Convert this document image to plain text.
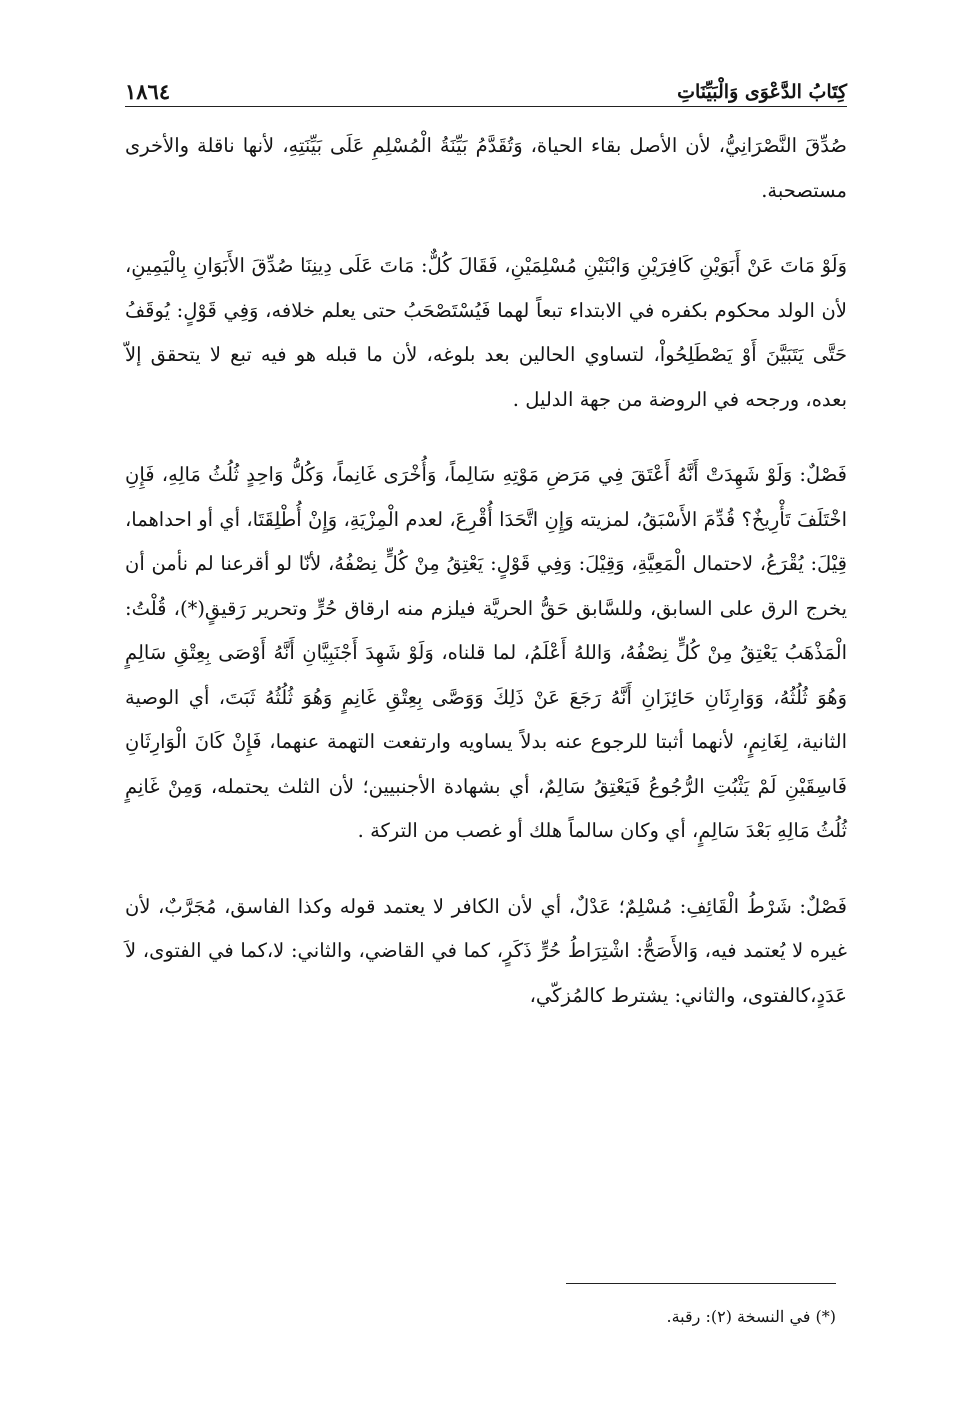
كِتَابُ الدَّعْوَى وَالْبَيِّنَاتِ
١٨٦٤

صُدِّقَ النَّصْرَانِيُّ، لأن الأصل بقاء الحياة، وَتُقَدَّمُ بَيِّنَةُ الْمُسْلِمِ عَلَى بَيِّنَتِهِ، لأنها ناقلة والأخرى مستصحبة.

وَلَوْ مَاتَ عَنْ أَبَوَيْنِ كَافِرَيْنِ وَابْنَيْنِ مُسْلِمَيْنِ، فَقَالَ كُلٌّ: مَاتَ عَلَى دِينِنَا صُدِّقَ الأَبَوَانِ بِالْيَمِينِ، لأن الولد محكوم بكفره في الابتداء تبعاً لهما فَيُسْتَصْحَبُ حتى يعلم خلافه، وَفِي قَوْلٍ: يُوقَفُ حَتَّى يَتَبَيَّنَ أَوْ يَصْطَلِحُواْ، لتساوي الحالين بعد بلوغه، لأن ما قبله هو فيه تبع لا يتحقق إلاّ بعده، ورجحه في الروضة من جهة الدليل .

فَصْلٌ: وَلَوْ شَهِدَتْ أَنَّهُ أَعْتَقَ فِي مَرَضِ مَوْتِهِ سَالِماً، وَأُخْرَى غَانِماً، وَكُلُّ وَاحِدٍ ثُلُثُ مَالِهِ، فَإِنِ اخْتَلَفَ تَأْرِيخٌ؟ قُدِّمَ الأَسْبَقُ، لمزيته وَإِنِ اتَّحَدَا أُقْرِعَ، لعدم الْمِزْيَةِ، وَإِنْ أُطْلِقَتَا، أي أو احداهما، قِيْلَ: يُقْرَعُ، لاحتمال الْمَعِيَّةِ، وَقِيْلَ: وَفِي قَوْلٍ: يَعْتِقُ مِنْ كُلٍّ نِصْفُهُ، لأنّا لو أقرعنا لم نأمن أن يخرج الرق على السابق، وللسَّابق حَقُّ الحريَّة فيلزم منه ارقاق حُرٍّ وتحرير رَقيقٍ(*)، قُلْتُ: الْمَذْهَبُ يَعْتِقُ مِنْ كُلٍّ نِصْفُهُ، وَاللهُ أَعْلَمُ، لما قلناه، وَلَوْ شَهِدَ أَجْنَبِيَّانِ أَنَّهُ أَوْصَى بِعِتْقِ سَالِمٍ وَهُوَ ثُلُثُهُ، وَوَارِثَانِ حَائِزَانِ أَنَّهُ رَجَعَ عَنْ ذَلِكَ وَوَصَّى بِعِتْقِ غَانِمٍ وَهُوَ ثُلُثُهُ ثَبَتَ، أي الوصية الثانية، لِغَانِمٍ، لأنهما أثبتا للرجوع عنه بدلاً يساويه وارتفعت التهمة عنهما، فَإِنْ كَانَ الْوَارِثَانِ فَاسِقَيْنِ لَمْ يَثْبُتِ الرُّجُوعُ فَيَعْتِقُ سَالِمٌ، أي بشهادة الأجنبيين؛ لأن الثلث يحتمله، وَمِنْ غَانِمٍ ثُلُثُ مَالِهِ بَعْدَ سَالِمٍ، أي وكان سالماً هلك أو غصب من التركة .

فَصْلٌ: شَرْطُ الْقَائِفِ: مُسْلِمٌ؛ عَدْلٌ، أي لأن الكافر لا يعتمد قوله وكذا الفاسق، مُجَرَّبٌ، لأن غيره لا يُعتمد فيه، وَالأَصَحُّ: اشْتِرَاطُ حُرٍّ ذَكَرٍ، كما في القاضي، والثاني: لا،كما في الفتوى، لاَ عَدَدٍ،كالفتوى، والثاني: يشترط كالمُزكّي،

(*) في النسخة (٢): رقبة.
